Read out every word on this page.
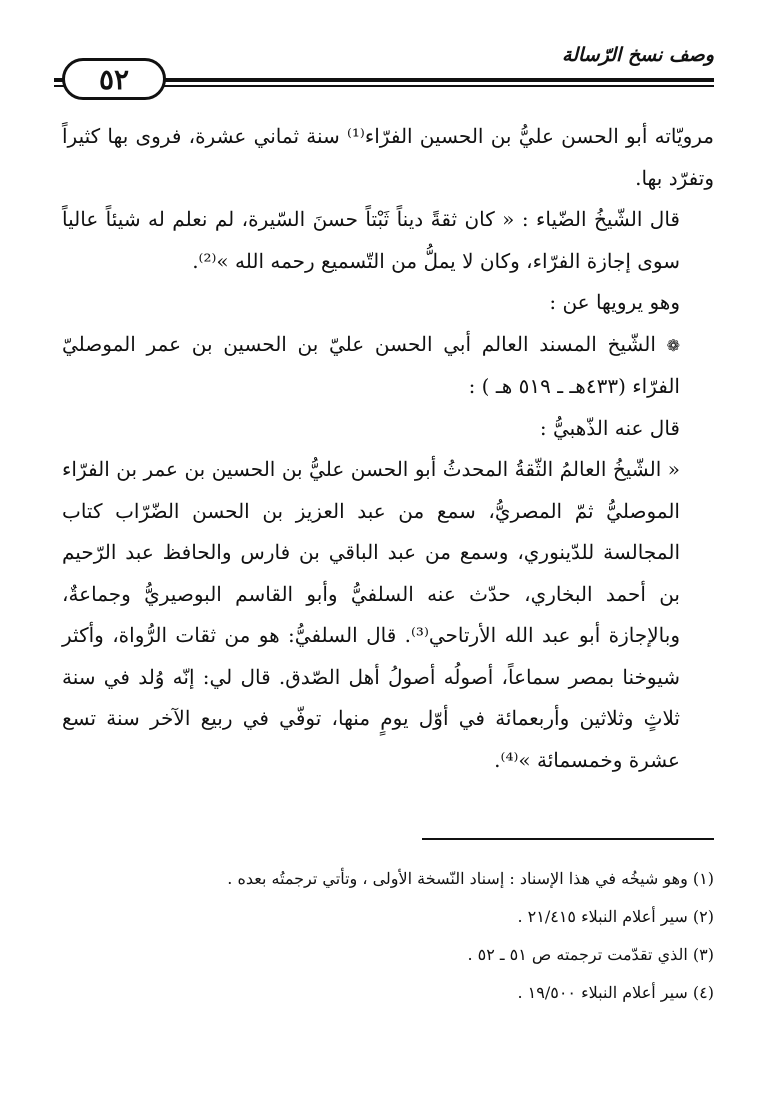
وصف نسخ الرّسالة
٥٢

مرويّاته أبو الحسن عليُّ بن الحسين الفرّاء⁽¹⁾ سنة ثماني عشرة، فروى بها كثيراً وتفرّد بها.

قال الشّيخُ الضّياء : « كان ثقةً ديناً ثَبْتاً حسنَ السّيرة، لم نعلم له شيئاً عالياً سوى إجازة الفرّاء، وكان لا يملُّ من التّسميع رحمه الله »⁽²⁾.

وهو يرويها عن :

❁ الشّيخ المسند العالم أبي الحسن عليّ بن الحسين بن عمر الموصليّ الفرّاء (٤٣٣هـ ـ ٥١٩ هـ ) :

قال عنه الذّهبيُّ :

« الشّيخُ العالمُ الثّقةُ المحدثُ أبو الحسن عليُّ بن الحسين بن عمر بن الفرّاء الموصليُّ ثمّ المصريُّ، سمع من عبد العزيز بن الحسن الضّرّاب كتاب المجالسة للدّينوري، وسمع من عبد الباقي بن فارس والحافظ عبد الرّحيم بن أحمد البخاري، حدّث عنه السلفيُّ وأبو القاسم البوصيريُّ وجماعةٌ، وبالإجازة أبو عبد الله الأرتاحي⁽³⁾. قال السلفيُّ: هو من ثقات الرُّواة، وأكثر شيوخنا بمصر سماعاً، أصولُه أصولُ أهل الصّدق. قال لي: إنّه وُلد في سنة ثلاثٍ وثلاثين وأربعمائة في أوّل يومٍ منها، توفّي في ربيع الآخر سنة تسع عشرة وخمسمائة »⁽⁴⁾.

(١) وهو شيخُه في هذا الإسناد : إسناد النّسخة الأولى ، وتأتي ترجمتُه بعده .

(٢) سير أعلام النبلاء ٢١/٤١٥ .

(٣) الذي تقدّمت ترجمته ص ٥١ ـ ٥٢ .

(٤) سير أعلام النبلاء ١٩/٥٠٠ .
